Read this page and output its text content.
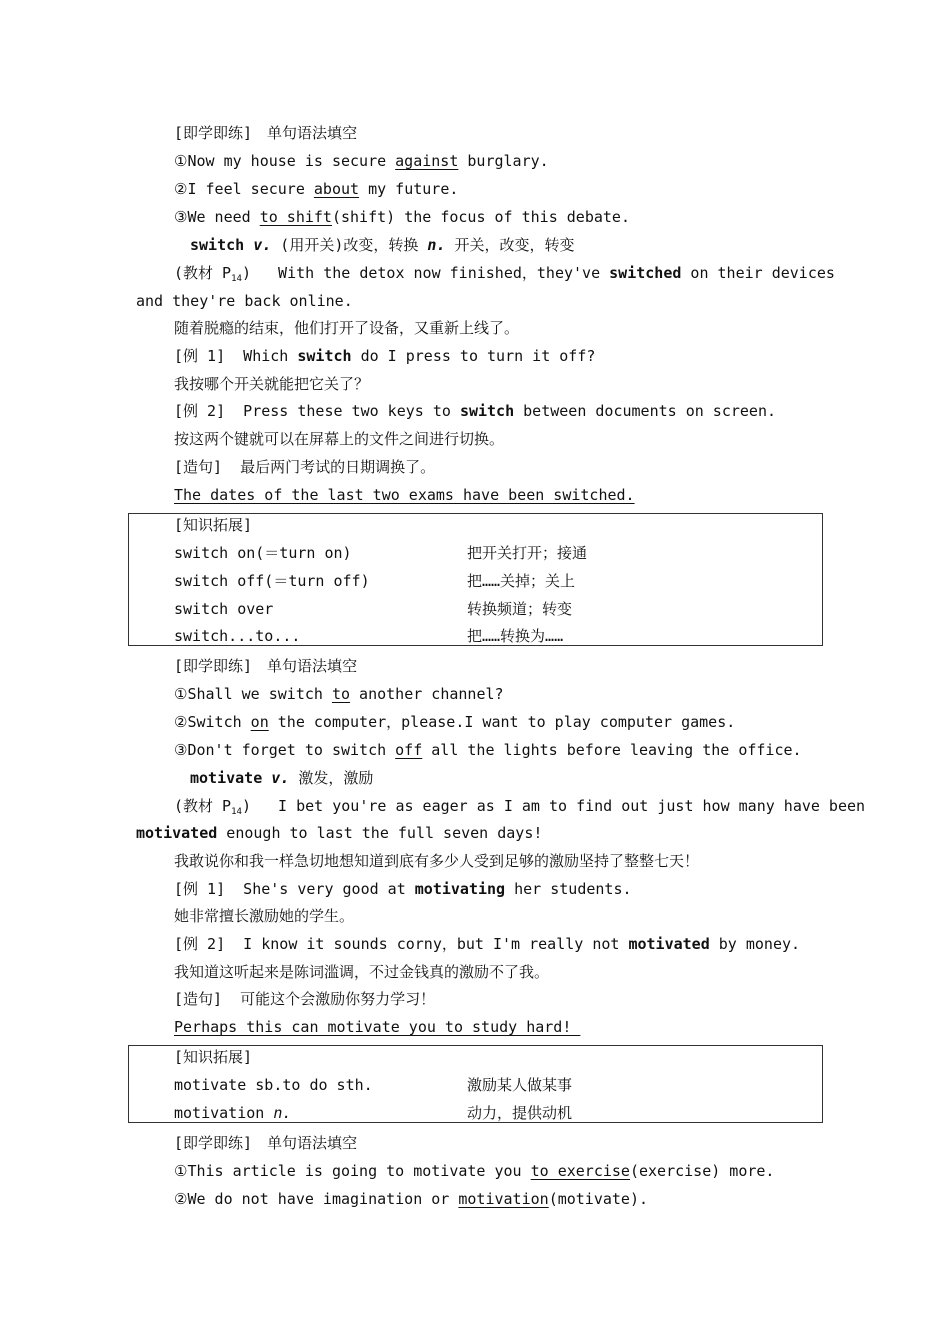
[即学即练]　单句语法填空
①Now my house is secure against burglary.
②I feel secure about my future.
③We need to shift(shift) the focus of this debate.
switch v. (用开关)改变，转换 n. 开关，改变，转变
(教材 $P_{14}$)   With the detox now finished，they've switched on their devices
and they're back online.
随着脱瘾的结束，他们打开了设备，又重新上线了。
[例 1]  Which switch do I press to turn it off?
我按哪个开关就能把它关了？
[例 2]  Press these two keys to switch between documents on screen.
按这两个键就可以在屏幕上的文件之间进行切换。
[造句]  最后两门考试的日期调换了。
The dates of the last two exams have been switched.
[知识拓展]
switch on(＝turn on)	把开关打开；接通
switch off(＝turn off)	把……关掉；关上
switch over	转换频道；转变
switch...to...	把……转换为……
[即学即练]　单句语法填空
①Shall we switch to another channel?
②Switch on the computer，please.I want to play computer games.
③Don't forget to switch off all the lights before leaving the office.
motivate v. 激发，激励
(教材 $P_{14}$)   I bet you're as eager as I am to find out just how many have been
motivated enough to last the full seven days!
我敢说你和我一样急切地想知道到底有多少人受到足够的激励坚持了整整七天！
[例 1]  She's very good at motivating her students.
她非常擅长激励她的学生。
[例 2]  I know it sounds corny，but I'm really not motivated by money.
我知道这听起来是陈词滥调，不过金钱真的激励不了我。
[造句]  可能这个会激励你努力学习！
Perhaps this can motivate you to study hard!
[知识拓展]
motivate sb.to do sth.	激励某人做某事
motivation n.	动力，提供动机
[即学即练]　单句语法填空
①This article is going to motivate you to exercise(exercise) more.
②We do not have imagination or motivation(motivate).
